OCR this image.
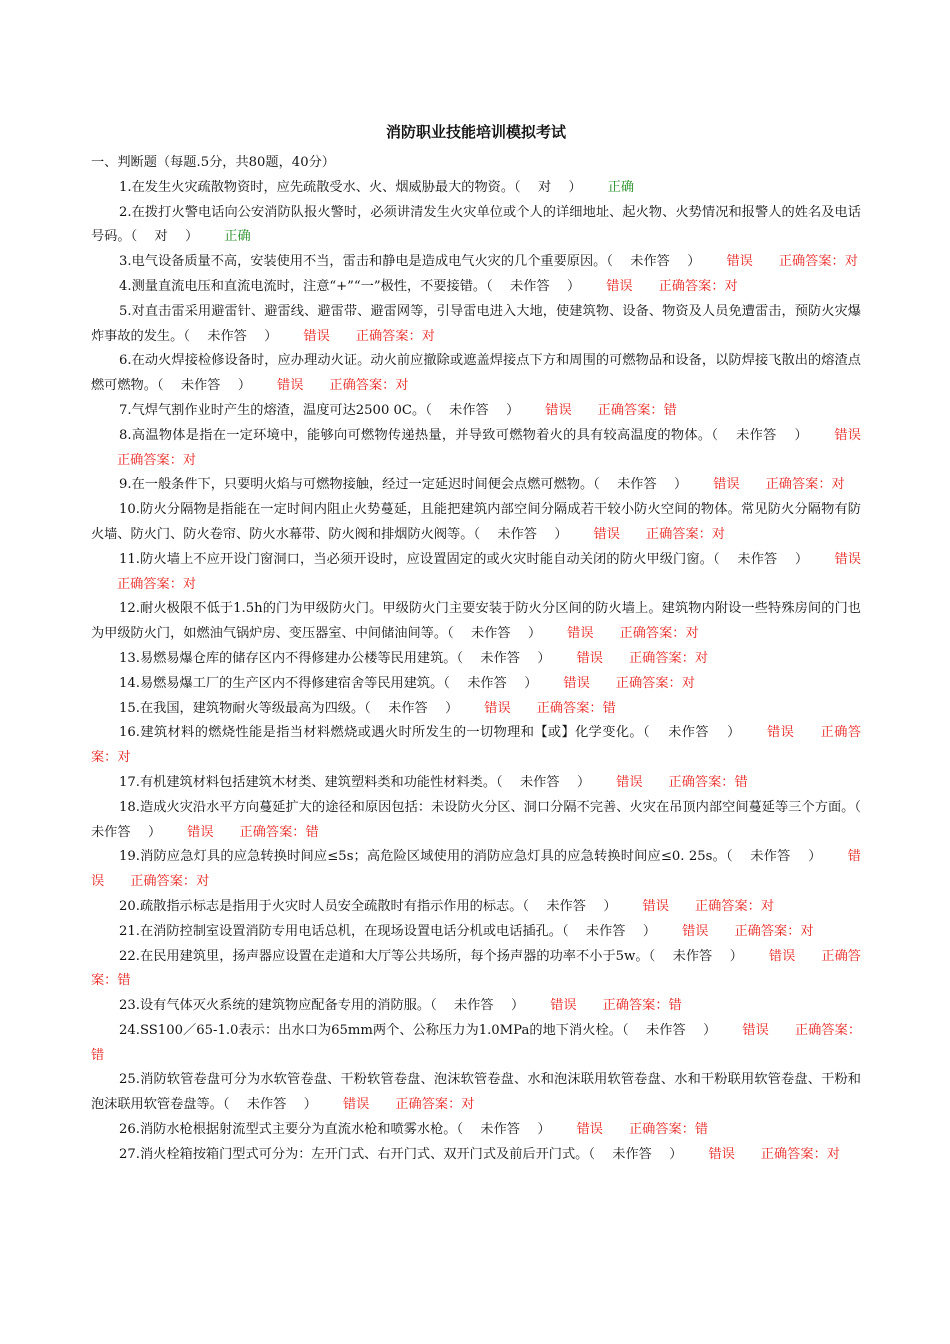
消防职业技能培训模拟考试
一、判断题（每题.5分，共80题，40分）

1.在发生火灾疏散物资时，应先疏散受水、火、烟威胁最大的物资。（　 对　 ） 正确

2.在拨打火警电话向公安消防队报火警时，必须讲清发生火灾单位或个人的详细地址、起火物、火势情况和报警人的姓名及电话号码。（　 对　 ） 正确

3.电气设备质量不高，安装使用不当，雷击和静电是造成电气火灾的几个重要原因。（　 未作答　 ） 错误 正确答案：对

4.测量直流电压和直流电流时，注意“+”“一”极性，不要接错。（　 未作答　 ） 错误 正确答案：对

5.对直击雷采用避雷针、避雷线、避雷带、避雷网等，引导雷电进入大地，使建筑物、设备、物资及人员免遭雷击，预防火灾爆炸事故的发生。（　 未作答　 ） 错误 正确答案：对

6.在动火焊接检修设备时，应办理动火证。动火前应撤除或遮盖焊接点下方和周围的可燃物品和设备，以防焊接飞散出的熔渣点燃可燃物。（　 未作答　 ） 错误 正确答案：对

7.气焊气割作业时产生的熔渣，温度可达2500 0C。（　 未作答　 ） 错误 正确答案：错

8.高温物体是指在一定环境中，能够向可燃物传递热量，并导致可燃物着火的具有较高温度的物体。（　 未作答　 ） 错误正确答案：对

9.在一般条件下，只要明火焰与可燃物接触，经过一定延迟时间便会点燃可燃物。（　 未作答　 ） 错误 正确答案：对

10.防火分隔物是指能在一定时间内阻止火势蔓延，且能把建筑内部空间分隔成若干较小防火空间的物体。常见防火分隔物有防火墙、防火门、防火卷帘、防火水幕带、防火阀和排烟防火阀等。（　 未作答　 ） 错误 正确答案：对

11.防火墙上不应开设门窗洞口，当必须开设时，应设置固定的或火灾时能自动关闭的防火甲级门窗。（　 未作答　 ） 错误正确答案：对

12.耐火极限不低于1.5h的门为甲级防火门。甲级防火门主要安装于防火分区间的防火墙上。建筑物内附设一些特殊房间的门也为甲级防火门，如燃油气锅炉房、变压器室、中间储油间等。（　 未作答　 ） 错误 正确答案：对

13.易燃易爆仓库的储存区内不得修建办公楼等民用建筑。（　 未作答　 ） 错误 正确答案：对

14.易燃易爆工厂的生产区内不得修建宿舍等民用建筑。（　 未作答　 ） 错误 正确答案：对

15.在我国，建筑物耐火等级最高为四级。（　 未作答　 ） 错误 正确答案：错

16.建筑材料的燃烧性能是指当材料燃烧或遇火时所发生的一切物理和【或】化学变化。（　 未作答　 ） 错误 正确答案：对

17.有机建筑材料包括建筑木材类、建筑塑料类和功能性材料类。（　 未作答　 ） 错误 正确答案：错

18.造成火灾沿水平方向蔓延扩大的途径和原因包括：未设防火分区、洞口分隔不完善、火灾在吊顶内部空间蔓延等三个方面。（　 未作答　 ） 错误 正确答案：错

19.消防应急灯具的应急转换时间应≤5s；高危险区域使用的消防应急灯具的应急转换时间应≤0. 25s。（　 未作答　 ） 错误 正确答案：对

20.疏散指示标志是指用于火灾时人员安全疏散时有指示作用的标志。（　 未作答　 ） 错误 正确答案：对

21.在消防控制室设置消防专用电话总机，在现场设置电话分机或电话插孔。（　 未作答　 ） 错误 正确答案：对

22.在民用建筑里，扬声器应设置在走道和大厅等公共场所，每个扬声器的功率不小于5w。（　 未作答　 ） 错误 正确答案：错

23.设有气体灭火系统的建筑物应配备专用的消防服。（　 未作答　 ） 错误 正确答案：错

24.SS100／65-1.0表示：出水口为65mm两个、公称压力为1.0MPa的地下消火栓。（　 未作答　 ） 错误 正确答案：错

25.消防软管卷盘可分为水软管卷盘、干粉软管卷盘、泡沫软管卷盘、水和泡沫联用软管卷盘、水和干粉联用软管卷盘、干粉和泡沫联用软管卷盘等。（　 未作答　 ） 错误 正确答案：对

26.消防水枪根据射流型式主要分为直流水枪和喷雾水枪。（　 未作答　 ） 错误 正确答案：错

27.消火栓箱按箱门型式可分为：左开门式、右开门式、双开门式及前后开门式。（　 未作答　 ） 错误 正确答案：对
